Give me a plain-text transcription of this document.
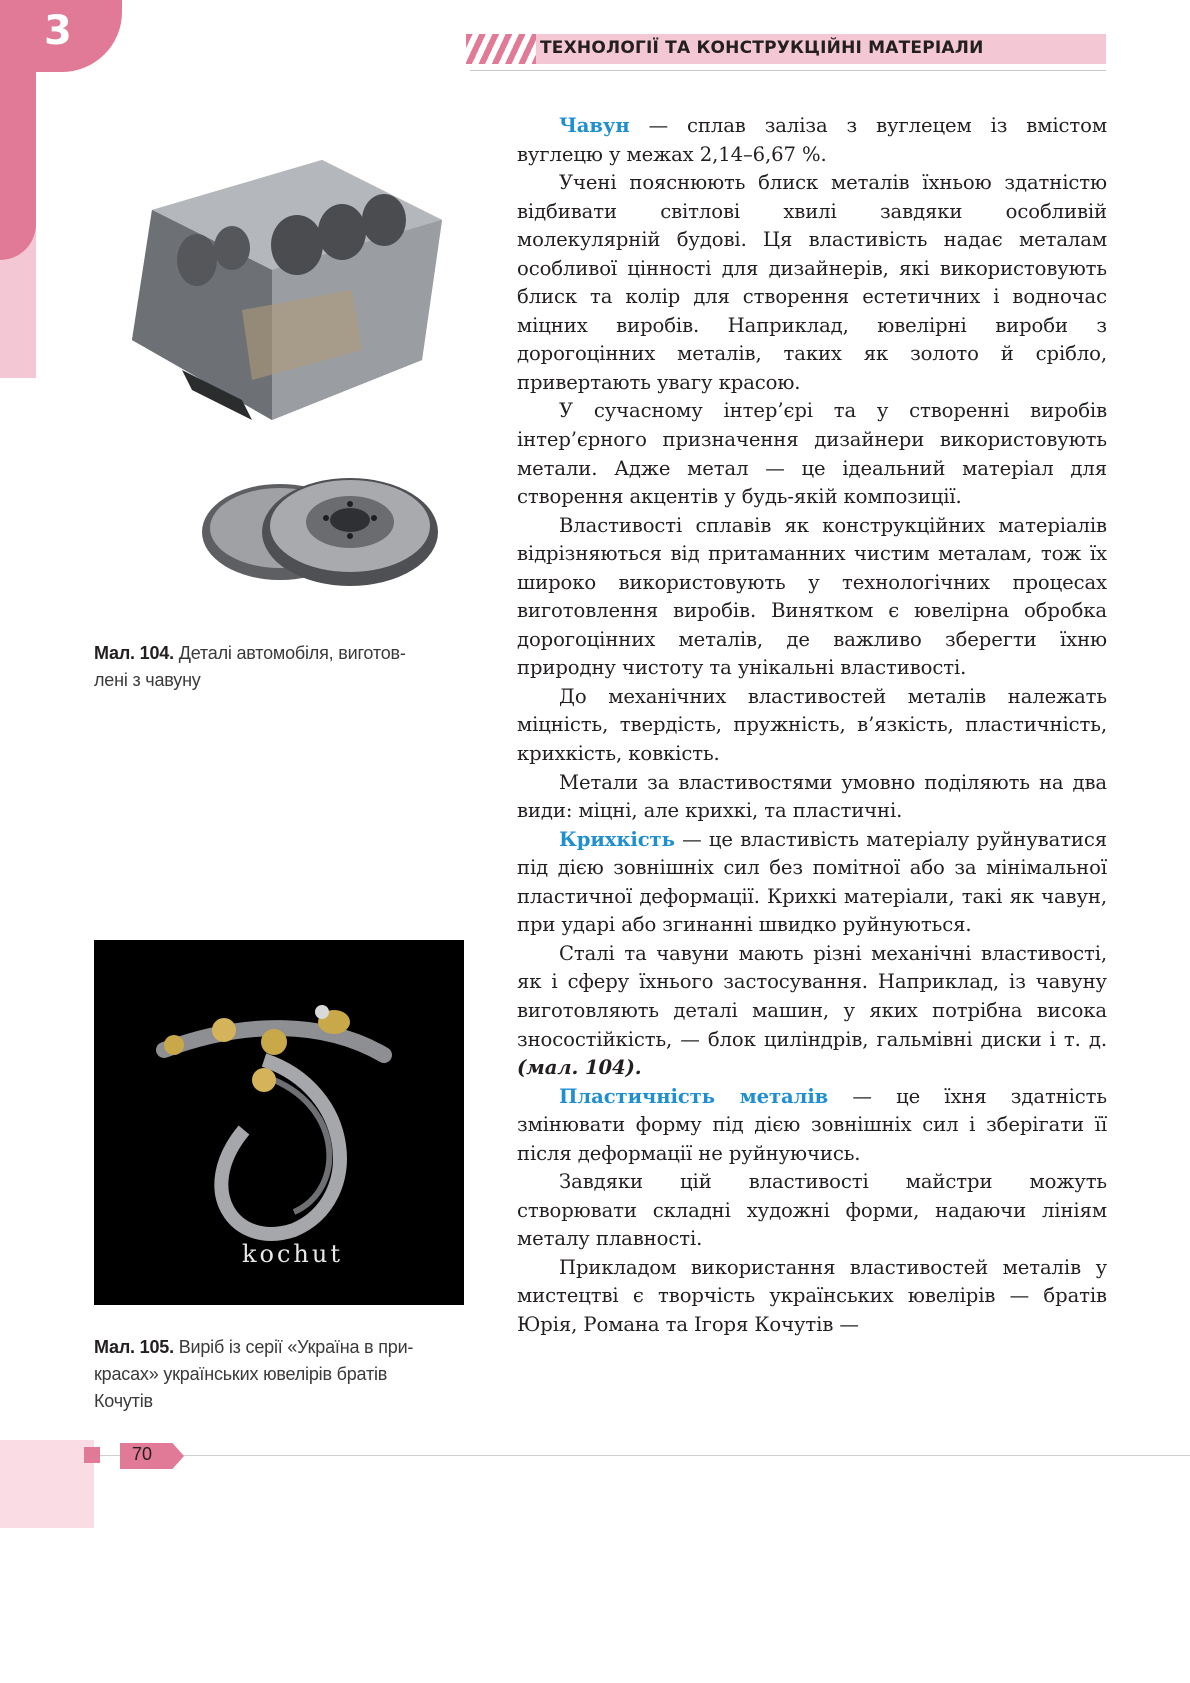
3	ТЕХНОЛОГІЇ ТА КОНСТРУКЦІЙНІ МАТЕРІАЛИ
Мал. 104. Деталі автомобіля, виготов-
лені з чавуну
kochut
Мал. 105. Виріб із серії «Україна в при-
красах» українських ювелірів братів
Кочутів

Чавун — сплав заліза з вуглецем із вмістом вуглецю у межах 2,14–6,67 %.

Учені пояснюють блиск металів їхньою здатністю відбивати світлові хвилі завдяки особливій молекулярній будові. Ця властивість надає металам особливої цінності для дизайнерів, які використовують блиск та колір для створення естетичних і водночас міцних виробів. Наприклад, ювелірні вироби з дорогоцінних металів, таких як золото й срібло, привертають увагу красою.

У сучасному інтер’єрі та у створенні виробів інтер’єрного призначення дизайнери використовують метали. Адже метал — це ідеальний матеріал для створення акцентів у будь-якій композиції.

Властивості сплавів як конструкційних матеріалів відрізняються від притаманних чистим металам, тож їх широко використовують у технологічних процесах виготовлення виробів. Винятком є ювелірна обробка дорогоцінних металів, де важливо зберегти їхню природну чистоту та унікальні властивості.

До механічних властивостей металів належать міцність, твердість, пружність, в’язкість, пластичність, крихкість, ковкість.

Метали за властивостями умовно поділяють на два види: міцні, але крихкі, та пластичні.

Крихкість — це властивість матеріалу руйнуватися під дією зовнішніх сил без помітної або за мінімальної пластичної деформації. Крихкі матеріали, такі як чавун, при ударі або згинанні швидко руйнуються.

Сталі та чавуни мають різні механічні властивості, як і сферу їхнього застосування. Наприклад, із чавуну виготовляють деталі машин, у яких потрібна висока зносостійкість, — блок циліндрів, гальмівні диски і т. д. (мал. 104).

Пластичність металів — це їхня здатність змінювати форму під дією зовнішніх сил і зберігати її після деформації не руйнуючись.

Завдяки цій властивості майстри можуть створювати складні художні форми, надаючи лініям металу плавності.

Прикладом використання властивостей металів у мистецтві є творчість українських ювелірів — братів Юрія, Романа та Ігоря Кочутів —

70
